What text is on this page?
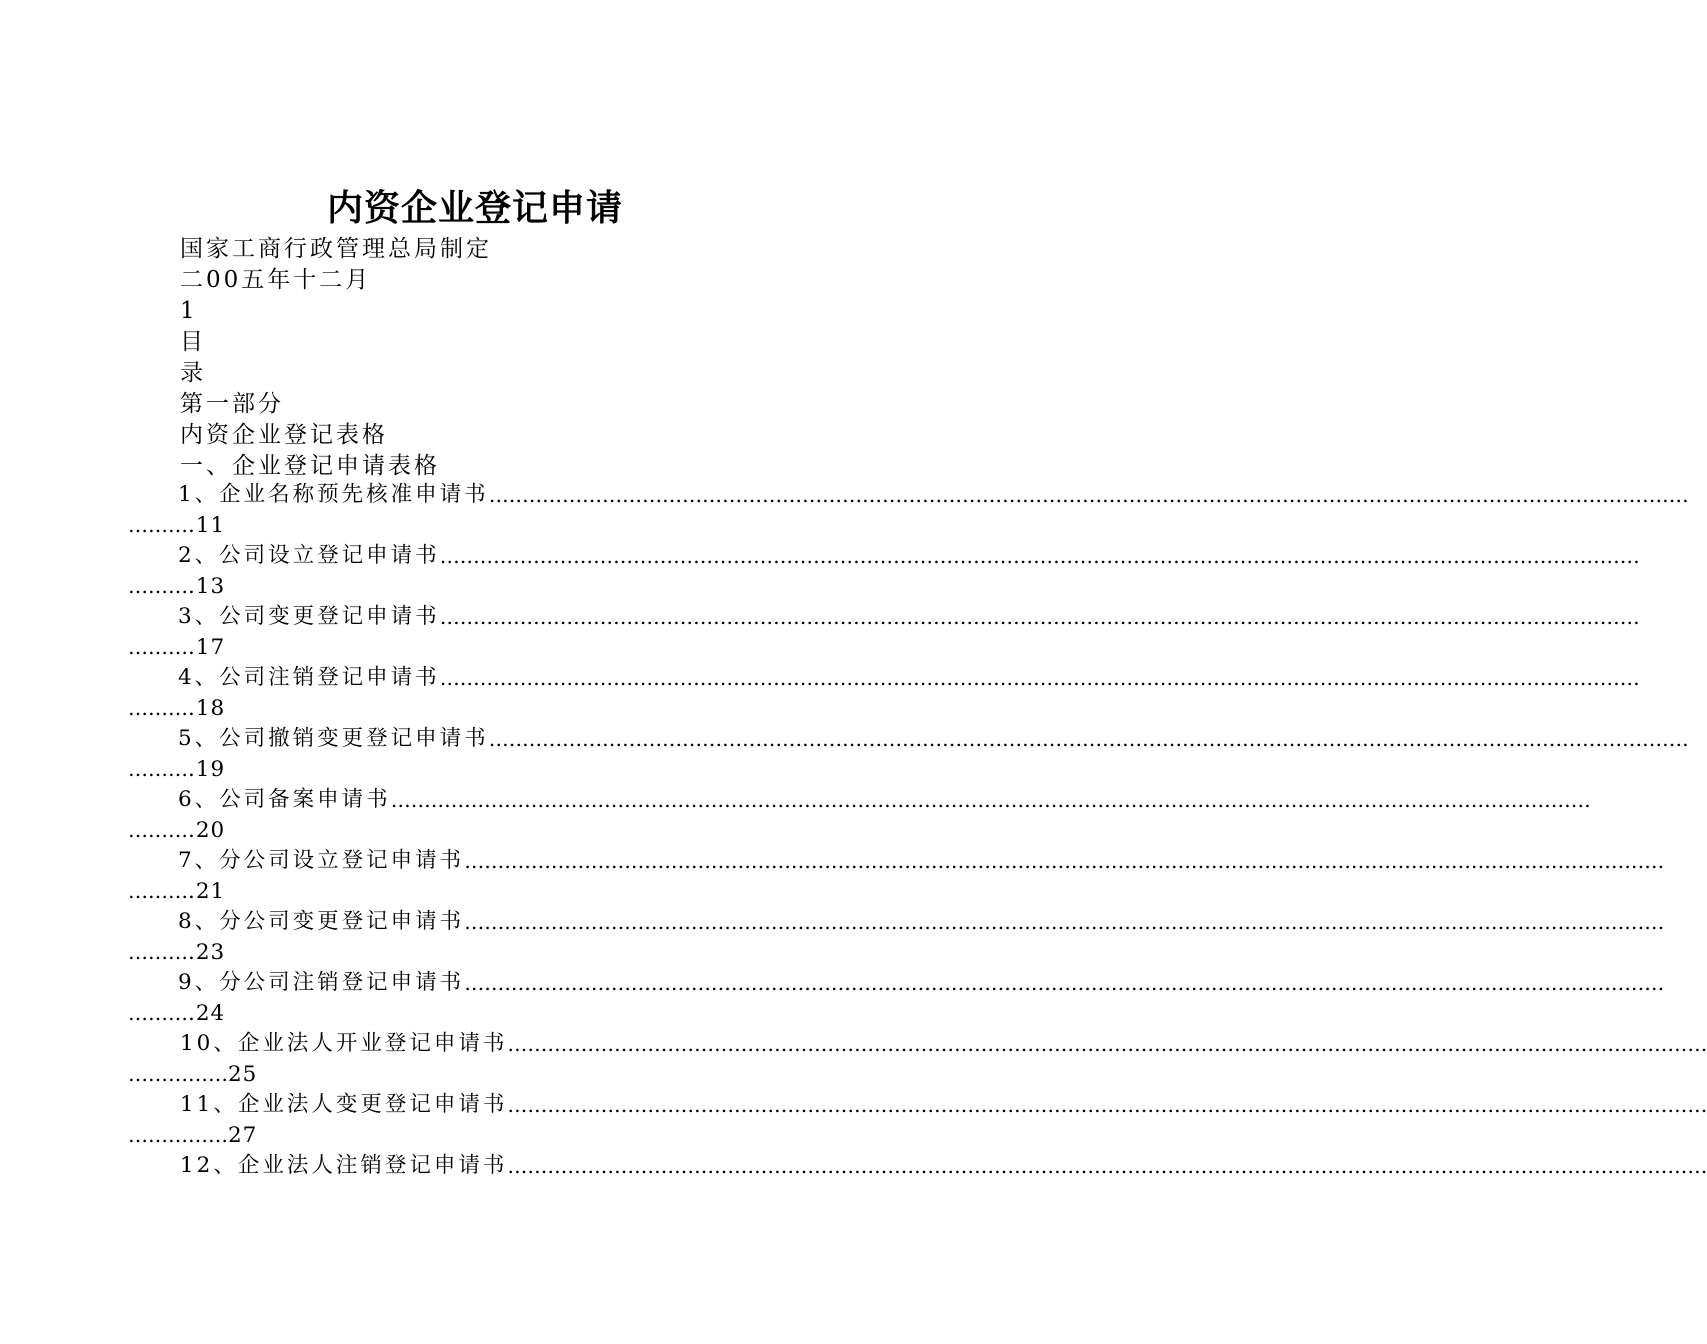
内资企业登记申请
国家工商行政管理总局制定
二00五年十二月
1
目
录
第一部分
内资企业登记表格
一、企业登记申请表格
1、企业名称预先核准申请书 ………………………………………………………………………………………………………………………………………………………………
……….11
2、公司设立登记申请书 ………………………………………………………………………………………………………………………………………………………………
……….13
3、公司变更登记申请书 ………………………………………………………………………………………………………………………………………………………………
……….17
4、公司注销登记申请书 ………………………………………………………………………………………………………………………………………………………………
……….18
5、公司撤销变更登记申请书 ………………………………………………………………………………………………………………………………………………………………
……….19
6、公司备案申请书 ………………………………………………………………………………………………………………………………………………………………
……….20
7、分公司设立登记申请书 ………………………………………………………………………………………………………………………………………………………………
……….21
8、分公司变更登记申请书 ………………………………………………………………………………………………………………………………………………………………
……….23
9、分公司注销登记申请书 ………………………………………………………………………………………………………………………………………………………………
……….24
10、企业法人开业登记申请书 ………………………………………………………………………………………………………………………………………………………………
……………25
11、企业法人变更登记申请书 ………………………………………………………………………………………………………………………………………………………………
……………27
12、企业法人注销登记申请书 ………………………………………………………………………………………………………………………………………………………………
